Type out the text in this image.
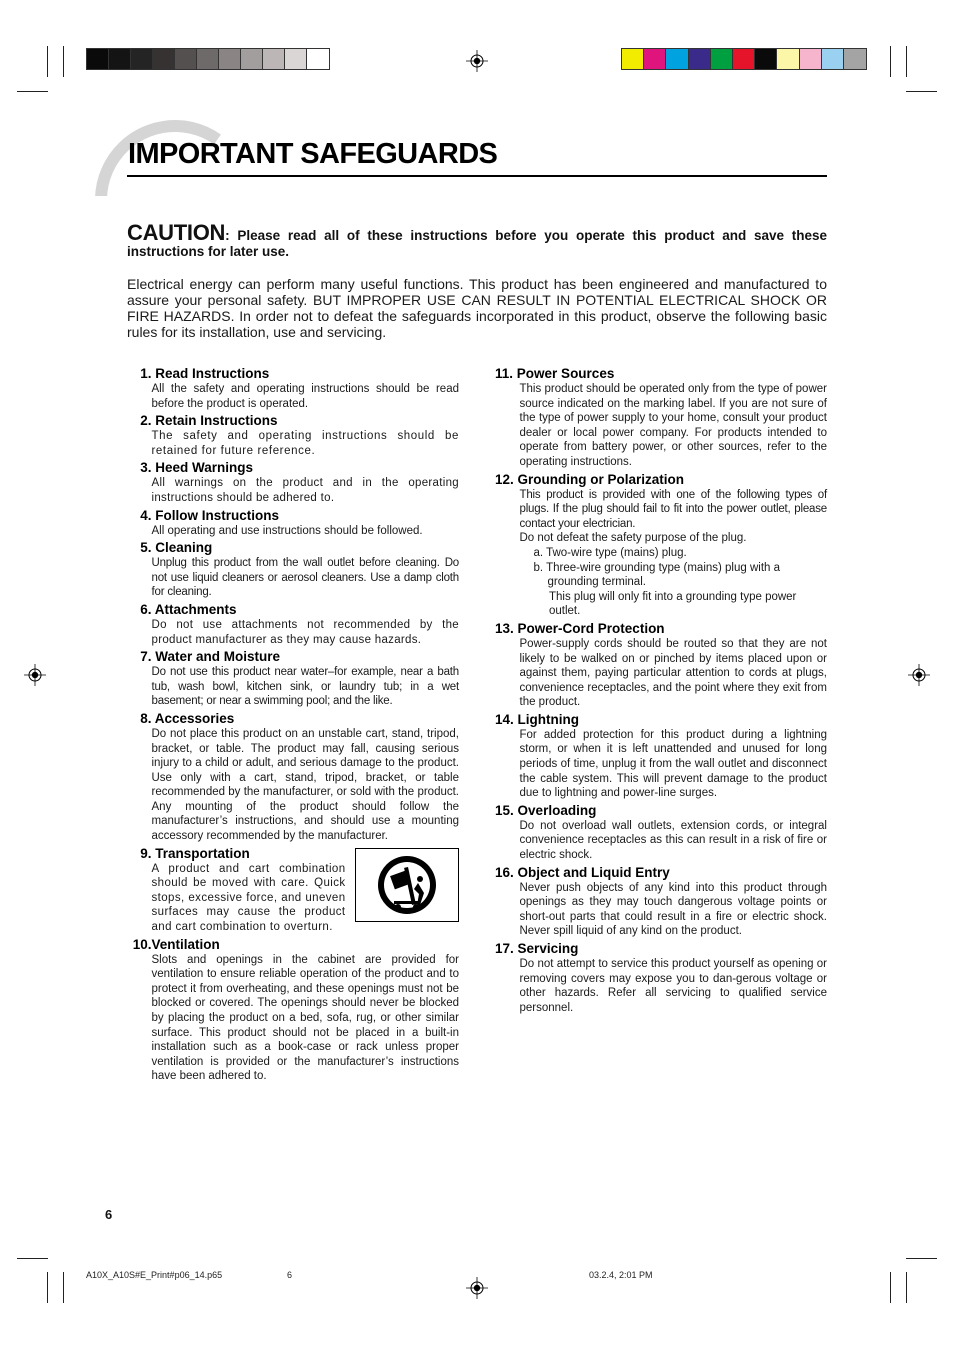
IMPORTANT SAFEGUARDS
CAUTION: Please read all of these instructions before you operate this product and save these instructions for later use.
Electrical energy can perform many useful functions. This product has been engineered and manufactured to assure your personal safety. BUT IMPROPER USE CAN RESULT IN POTENTIAL ELECTRICAL SHOCK OR FIRE HAZARDS. In order not to defeat the safeguards incorporated in this product, observe the following basic rules for its installation, use and servicing.
1. Read Instructions
All the safety and operating instructions should be read before the product is operated.
2. Retain Instructions
The safety and operating instructions should be retained for future reference.
3. Heed Warnings
All warnings on the product and in the operating instructions should be adhered to.
4. Follow Instructions
All operating and use instructions should be followed.
5. Cleaning
Unplug this product from the wall outlet before cleaning. Do not use liquid cleaners or aerosol cleaners. Use a damp cloth for cleaning.
6. Attachments
Do not use attachments not recommended by the product manufacturer as they may cause hazards.
7. Water and Moisture
Do not use this product near water–for example, near a bath tub, wash bowl, kitchen sink, or laundry tub; in a wet basement; or near a swimming pool; and the like.
8. Accessories
Do not place this product on an unstable cart, stand, tripod, bracket, or table. The product may fall, causing serious injury to a child or adult, and serious damage to the product. Use only with a cart, stand, tripod, bracket, or table recommended by the manufacturer, or sold with the product. Any mounting of the product should follow the manufacturer’s instructions, and should use a mounting accessory recommended by the manufacturer.
9. Transportation
A product and cart combination should be moved with care. Quick stops, excessive force, and uneven surfaces may cause the product and cart combination to overturn.
10.Ventilation
Slots and openings in the cabinet are provided for ventilation to ensure reliable operation of the product and to protect it from overheating, and these openings must not be blocked or covered. The openings should never be blocked by placing the product on a bed, sofa, rug, or other similar surface. This product should not be placed in a built-in installation such as a book-case or rack unless proper ventilation is provided or the manufacturer’s instructions have been adhered to.
11. Power Sources
This product should be operated only from the type of power source indicated on the marking label. If you are not sure of the type of power supply to your home, consult your product dealer or local power company. For products intended to operate from battery power, or other sources, refer to the operating instructions.
12. Grounding or Polarization
This product is provided with one of the following types of plugs. If the plug should fail to fit into the power outlet, please contact your electrician.
Do not defeat the safety purpose of the plug.
a. Two-wire type (mains) plug.
b. Three-wire grounding type (mains) plug with a grounding terminal.
This plug will only fit into a grounding type power outlet.
13. Power-Cord Protection
Power-supply cords should be routed so that they are not likely to be walked on or pinched by items placed upon or against them, paying particular attention to cords at plugs, convenience receptacles, and the point where they exit from the product.
14. Lightning
For added protection for this product during a lightning storm, or when it is left unattended and unused for long periods of time, unplug it from the wall outlet and disconnect the cable system. This will prevent damage to the product due to lightning and power-line surges.
15. Overloading
Do not overload wall outlets, extension cords, or integral convenience receptacles as this can result in a risk of fire or electric shock.
16. Object and Liquid Entry
Never push objects of any kind into this product through openings as they may touch dangerous voltage points or short-out parts that could result in a fire or electric shock. Never spill liquid of any kind on the product.
17. Servicing
Do not attempt to service this product yourself as opening or removing covers may expose you to dan-gerous voltage or other hazards. Refer all servicing to qualified service personnel.
6
A10X_A10S#E_Print#p06_14.p65	6	03.2.4, 2:01 PM
